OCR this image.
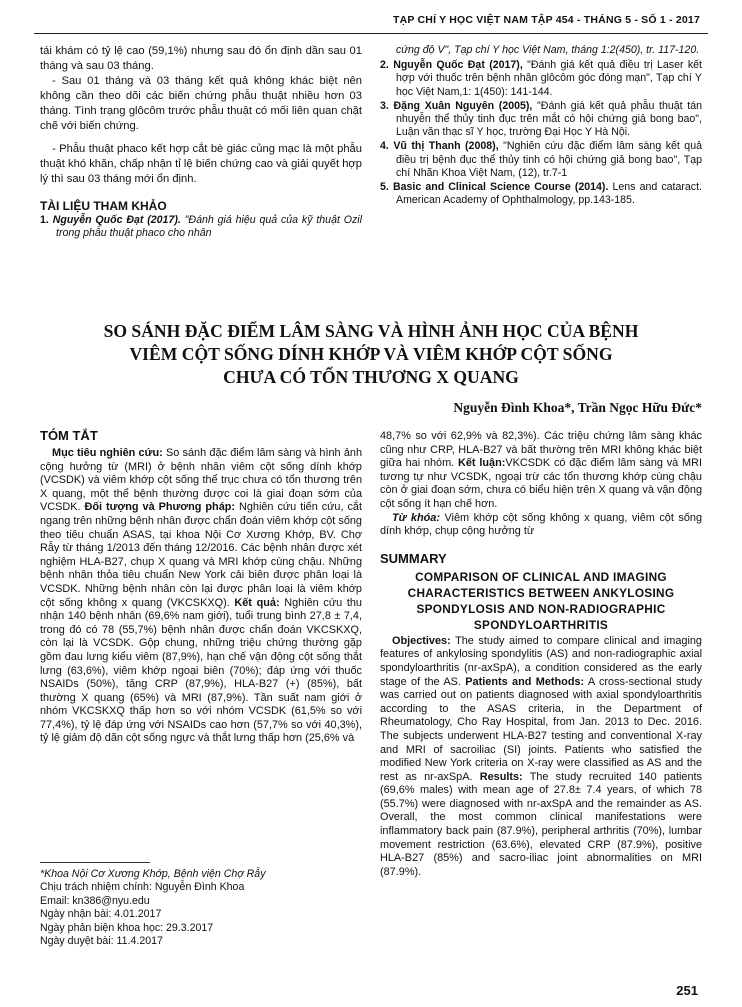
TẠP CHÍ Y HỌC VIỆT NAM TẬP 454 - THÁNG 5 - SỐ 1 - 2017

tái khám có tỷ lệ cao (59,1%) nhưng sau đó ổn định dần sau 01 tháng và sau 03 tháng.

- Sau 01 tháng và 03 tháng kết quả không khác biệt nên không cần theo dõi các biến chứng phẫu thuật nhiều hơn 03 tháng. Tình trạng glôcôm trước phẫu thuật có mối liên quan chặt chẽ với biến chứng.

- Phẫu thuật phaco kết hợp cắt bè giác củng mạc là một phẫu thuật khó khăn, chấp nhận tỉ lệ biến chứng cao và giải quyết hợp lý thì sau 03 tháng mới ổn định.

TÀI LIỆU THAM KHẢO

1. Nguyễn Quốc Đạt (2017). "Đánh giá hiệu quả của kỹ thuật Ozil trong phẫu thuật phaco cho nhân

cứng độ V", Tạp chí Y học Việt Nam, tháng 1:2(450), tr. 117-120.

2. Nguyễn Quốc Đạt (2017), "Đánh giá kết quả điều trị Laser kết hợp với thuốc trên bệnh nhân glôcôm góc đóng mạn", Tạp chí Y học Việt Nam,1: 1(450): 141-144.

3. Đặng Xuân Nguyên (2005), "Đánh giá kết quả phẫu thuật tán nhuyễn thể thủy tinh đục trên mắt có hội chứng giả bong bao", Luận văn thạc sĩ Y học, trường Đại Học Y Hà Nội.

4. Vũ thị Thanh (2008), "Nghiên cứu đặc điểm lâm sàng kết quả điều trị bệnh đục thể thủy tinh có hội chứng giả bong bao", Tạp chí Nhãn Khoa Việt Nam, (12), tr.7-1

5. Basic and Clinical Science Course (2014). Lens and cataract. American Academy of Ophthalmology, pp.143-185.

SO SÁNH ĐẶC ĐIỂM LÂM SÀNG VÀ HÌNH ẢNH HỌC CỦA BỆNH
VIÊM CỘT SỐNG DÍNH KHỚP VÀ VIÊM KHỚP CỘT SỐNG
CHƯA CÓ TỔN THƯƠNG X QUANG
Nguyễn Đình Khoa*, Trần Ngọc Hữu Đức*

TÓM TẮT

Mục tiêu nghiên cứu: So sánh đặc điểm lâm sàng và hình ảnh cộng hưởng từ (MRI) ở bệnh nhân viêm cột sống dính khớp (VCSDK) và viêm khớp cột sống thể trục chưa có tổn thương trên X quang, một thể bệnh thường được coi là giai đoạn sớm của VCSDK. Đối tượng và Phương pháp: Nghiên cứu tiến cứu, cắt ngang trên những bệnh nhân được chẩn đoán viêm khớp cột sống theo tiêu chuẩn ASAS, tại khoa Nội Cơ Xương Khớp, BV. Chợ Rẫy từ tháng 1/2013 đến tháng 12/2016. Các bệnh nhân được xét nghiệm HLA-B27, chụp X quang và MRI khớp cùng chậu. Những bệnh nhân thỏa tiêu chuẩn New York cải biên được phân loại là VCSDK. Những bệnh nhân còn lại được phân loại là viêm khớp cột sống không x quang (VKCSKXQ). Kết quả: Nghiên cứu thu nhận 140 bệnh nhân (69,6% nam giới), tuổi trung bình 27,8 ± 7,4, trong đó có 78 (55,7%) bệnh nhân được chẩn đoán VKCSKXQ, còn lại là VCSDK. Gộp chung, những triệu chứng thường gặp gồm đau lưng kiểu viêm (87,9%), hạn chế vận động cột sống thắt lưng (63,6%), viêm khớp ngoại biên (70%); đáp ứng với thuốc NSAIDs (50%), tăng CRP (87,9%), HLA-B27 (+) (85%), bất thường X quang (65%) và MRI (87,9%). Tần suất nam giới ở nhóm VKCSKXQ thấp hơn so với nhóm VCSDK (61,5% so với 77,4%), tỷ lệ đáp ứng với NSAIDs cao hơn (57,7% so với 40,3%), tỷ lệ giảm độ dãn cột sống ngực và thắt lưng thấp hơn (25,6% và

48,7% so với 62,9% và 82,3%). Các triệu chứng lâm sàng khác cũng như CRP, HLA-B27 và bất thường trên MRI không khác biệt giữa hai nhóm. Kết luận:VKCSDK có đặc điểm lâm sàng và MRI tương tự như VCSDK, ngoại trừ các tổn thương khớp cùng chậu còn ở giai đoạn sớm, chưa có biểu hiện trên X quang và vận động cột sống ít hạn chế hơn.

Từ khóa: Viêm khớp cột sống không x quang, viêm cột sống dính khớp, chụp cộng hưởng từ

SUMMARY

COMPARISON OF CLINICAL AND IMAGING CHARACTERISTICS BETWEEN ANKYLOSING SPONDYLOSIS AND NON-RADIOGRAPHIC SPONDYLOARTHRITIS

Objectives: The study aimed to compare clinical and imaging features of ankylosing spondylitis (AS) and non-radiographic axial spondyloarthritis (nr-axSpA), a condition considered as the early stage of the AS. Patients and Methods: A cross-sectional study was carried out on patients diagnosed with axial spondyloarthritis according to the ASAS criteria, in the Department of Rheumatology, Cho Ray Hospital, from Jan. 2013 to Dec. 2016. The subjects underwent HLA-B27 testing and conventional X-ray and MRI of sacroiliac (SI) joints. Patients who satisfied the modified New York criteria on X-ray were classified as AS and the rest as nr-axSpA. Results: The study recruited 140 patients (69,6% males) with mean age of 27.8± 7.4 years, of which 78 (55.7%) were diagnosed with nr-axSpA and the remainder as AS. Overall, the most common clinical manifestations were inflammatory back pain (87.9%), peripheral arthritis (70%), lumbar movement restriction (63.6%), elevated CRP (87.9%), positive HLA-B27 (85%) and sacro-iliac joint abnormalities on MRI (87.9%).

*Khoa Nội Cơ Xương Khớp, Bệnh viện Chợ Rẫy

Chịu trách nhiệm chính: Nguyễn Đình Khoa

Email: kn386@nyu.edu

Ngày nhận bài: 4.01.2017

Ngày phản biện khoa học: 29.3.2017

Ngày duyệt bài: 11.4.2017

251
